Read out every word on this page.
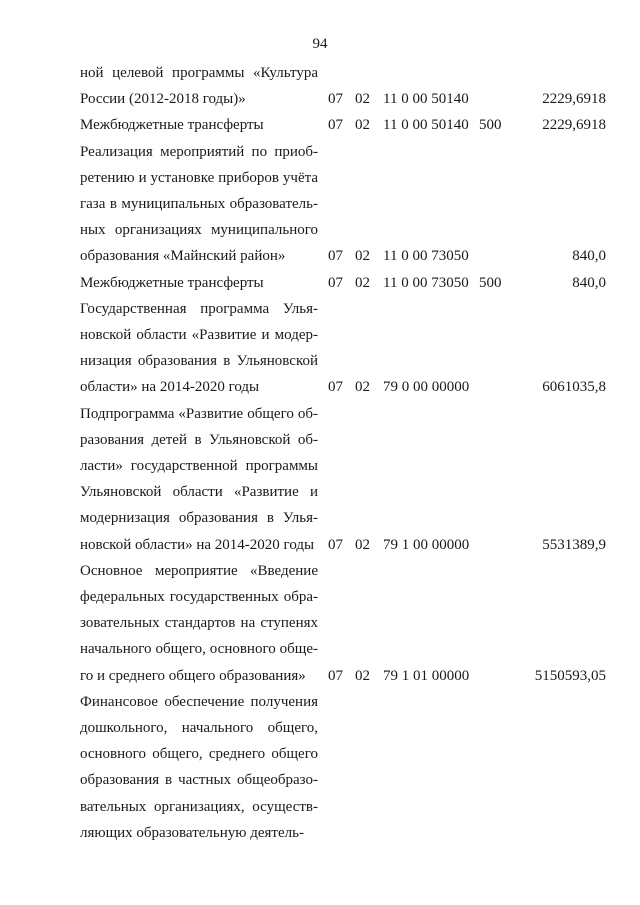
94
ной целевой программы «Культура
России (2012-2018 годы)»	07 02 11 0 00 50140	2229,6918
Межбюджетные трансферты	07 02 11 0 00 50140 500	2229,6918
Реализация мероприятий по приоб-
ретению и установке приборов учёта
газа в муниципальных образователь-
ных организациях муниципального
образования «Майнский район»	07 02 11 0 00 73050	840,0
Межбюджетные трансферты	07 02 11 0 00 73050 500	840,0
Государственная программа Улья-
новской области «Развитие и модер-
низация образования в Ульяновской
области» на 2014-2020 годы	07 02 79 0 00 00000	6061035,8
Подпрограмма «Развитие общего об-
разования детей в Ульяновской об-
ласти» государственной программы
Ульяновской области «Развитие и
модернизация образования в Улья-
новской области» на 2014-2020 годы 07 02 79 1 00 00000	5531389,9
Основное мероприятие «Введение
федеральных государственных обра-
зовательных стандартов на ступенях
начального общего, основного обще-
го и среднего общего образования»	07 02 79 1 01 00000	5150593,05
Финансовое обеспечение получения
дошкольного, начального общего,
основного общего, среднего общего
образования в частных общеобразо-
вательных организациях, осуществ-
ляющих образовательную деятель-
